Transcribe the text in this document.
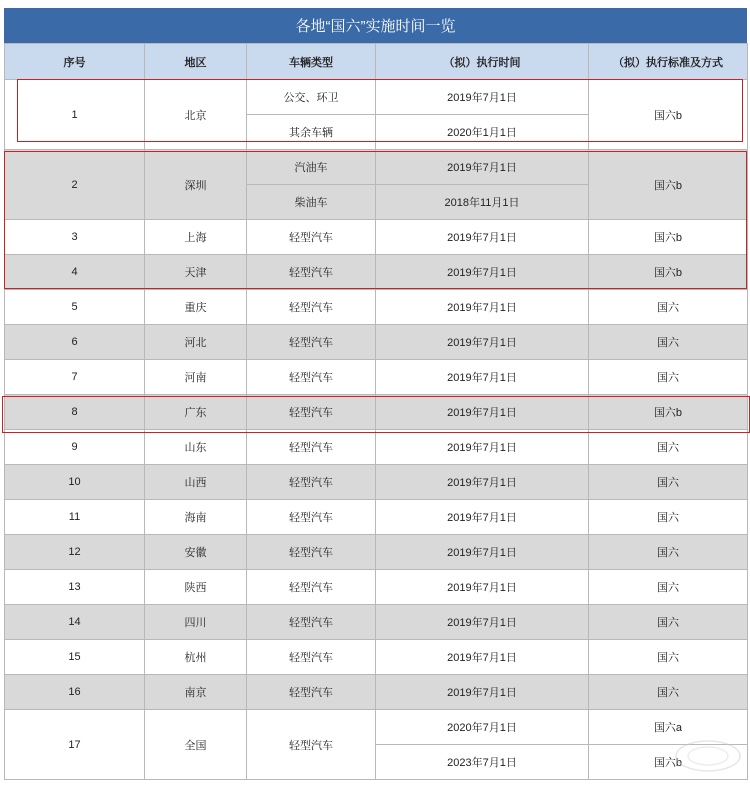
各地“国六”实施时间一览
序号	地区	车辆类型	（拟）执行时间	（拟）执行标准及方式
1	北京	公交、环卫	2019年7月1日	国六b
		其余车辆	2020年1月1日	
2	深圳	汽油车	2019年7月1日	国六b
		柴油车	2018年11月1日	
3	上海	轻型汽车	2019年7月1日	国六b
4	天津	轻型汽车	2019年7月1日	国六b
5	重庆	轻型汽车	2019年7月1日	国六
6	河北	轻型汽车	2019年7月1日	国六
7	河南	轻型汽车	2019年7月1日	国六
8	广东	轻型汽车	2019年7月1日	国六b
9	山东	轻型汽车	2019年7月1日	国六
10	山西	轻型汽车	2019年7月1日	国六
11	海南	轻型汽车	2019年7月1日	国六
12	安徽	轻型汽车	2019年7月1日	国六
13	陕西	轻型汽车	2019年7月1日	国六
14	四川	轻型汽车	2019年7月1日	国六
15	杭州	轻型汽车	2019年7月1日	国六
16	南京	轻型汽车	2019年7月1日	国六
17	全国	轻型汽车	2020年7月1日	国六a
			2023年7月1日	国六b
